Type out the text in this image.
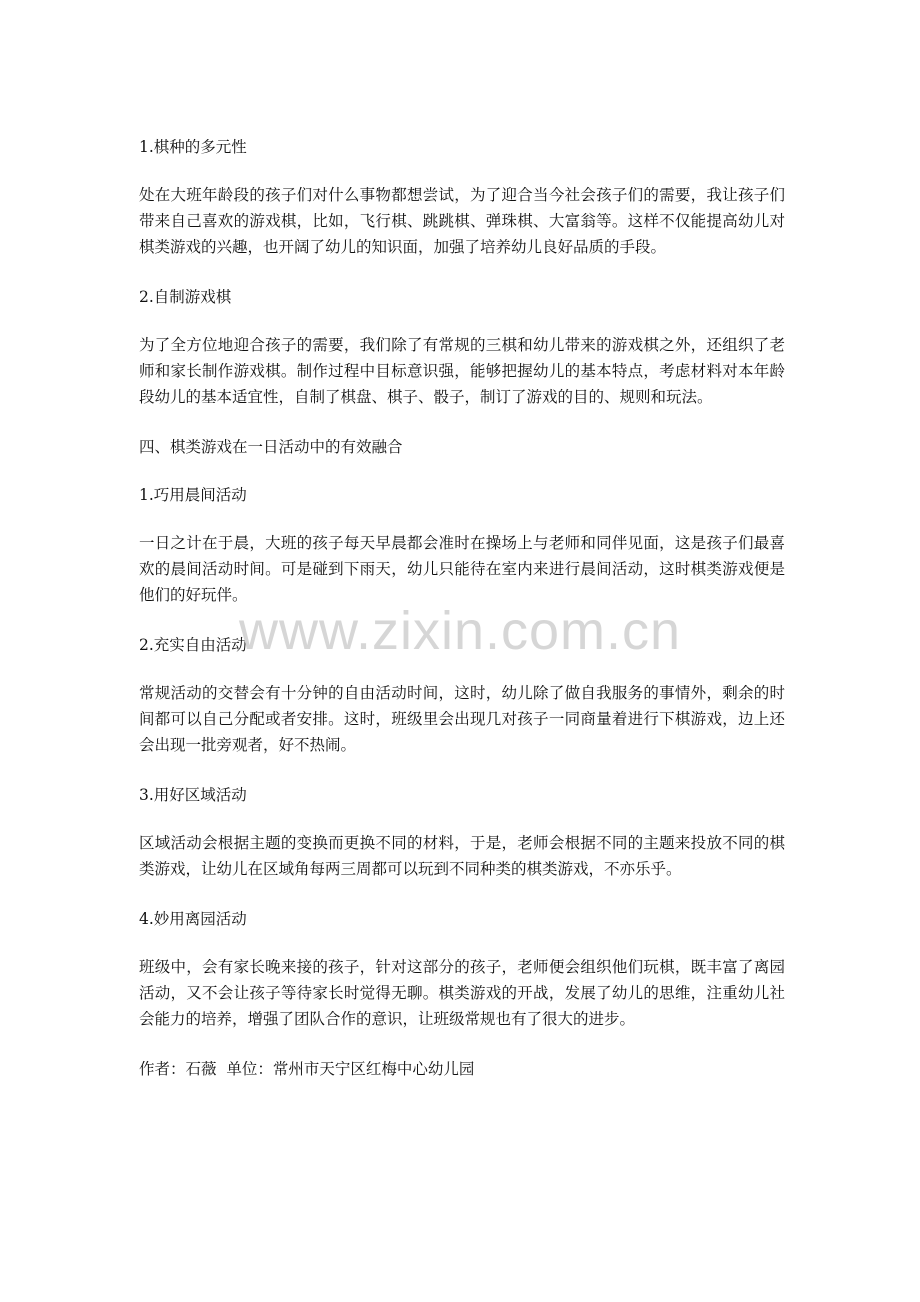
1.棋种的多元性

处在大班年龄段的孩子们对什么事物都想尝试，为了迎合当今社会孩子们的需要，我让孩子们带来自己喜欢的游戏棋，比如，飞行棋、跳跳棋、弹珠棋、大富翁等。这样不仅能提高幼儿对棋类游戏的兴趣，也开阔了幼儿的知识面，加强了培养幼儿良好品质的手段。

2.自制游戏棋

为了全方位地迎合孩子的需要，我们除了有常规的三棋和幼儿带来的游戏棋之外，还组织了老师和家长制作游戏棋。制作过程中目标意识强，能够把握幼儿的基本特点，考虑材料对本年龄段幼儿的基本适宜性，自制了棋盘、棋子、骰子，制订了游戏的目的、规则和玩法。

四、棋类游戏在一日活动中的有效融合

1.巧用晨间活动

一日之计在于晨，大班的孩子每天早晨都会准时在操场上与老师和同伴见面，这是孩子们最喜欢的晨间活动时间。可是碰到下雨天，幼儿只能待在室内来进行晨间活动，这时棋类游戏便是他们的好玩伴。

2.充实自由活动

常规活动的交替会有十分钟的自由活动时间，这时，幼儿除了做自我服务的事情外，剩余的时间都可以自己分配或者安排。这时，班级里会出现几对孩子一同商量着进行下棋游戏，边上还会出现一批旁观者，好不热闹。

3.用好区域活动

区域活动会根据主题的变换而更换不同的材料，于是，老师会根据不同的主题来投放不同的棋类游戏，让幼儿在区域角每两三周都可以玩到不同种类的棋类游戏，不亦乐乎。

4.妙用离园活动

班级中，会有家长晚来接的孩子，针对这部分的孩子，老师便会组织他们玩棋，既丰富了离园活动，又不会让孩子等待家长时觉得无聊。棋类游戏的开战，发展了幼儿的思维，注重幼儿社会能力的培养，增强了团队合作的意识，让班级常规也有了很大的进步。

作者：石薇  单位：常州市天宁区红梅中心幼儿园

www.zixin.com.cn
